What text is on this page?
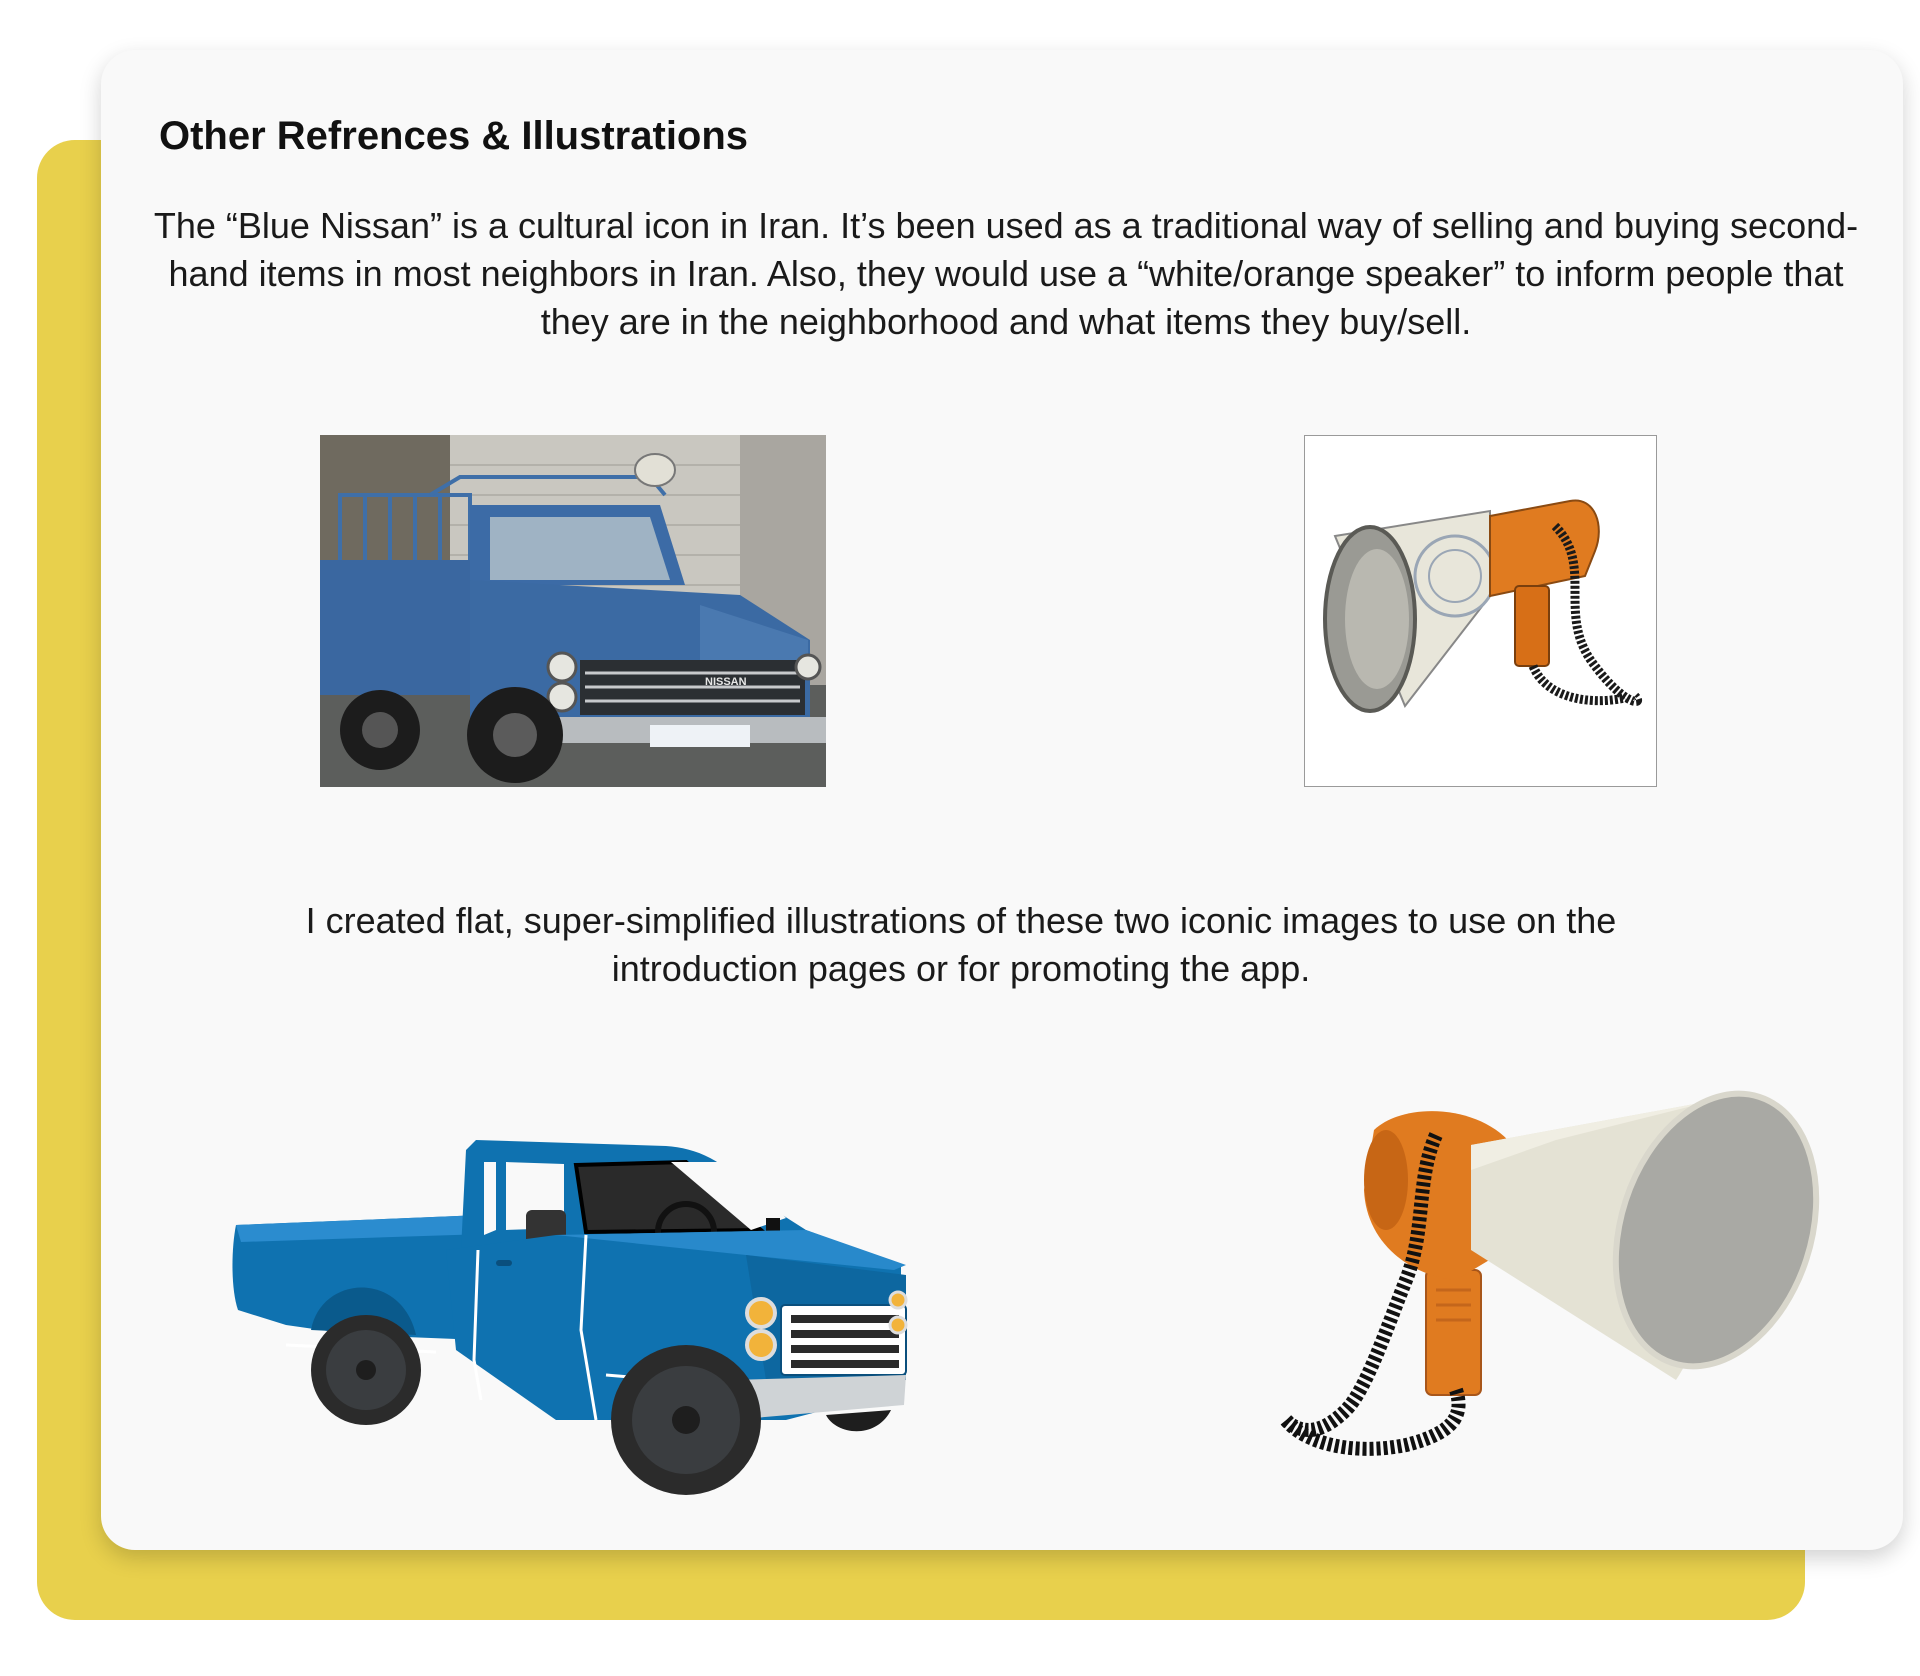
Other Refrences & Illustrations

The “Blue Nissan” is a cultural icon in Iran. It’s been used as a traditional way of selling and buying second-hand items in most neighbors in Iran. Also, they would use a “white/orange speaker” to inform people that they are in the neighborhood and what items they buy/sell.

NISSAN

I created flat, super-simplified illustrations of these two iconic images to use on the introduction pages or for promoting the app.
